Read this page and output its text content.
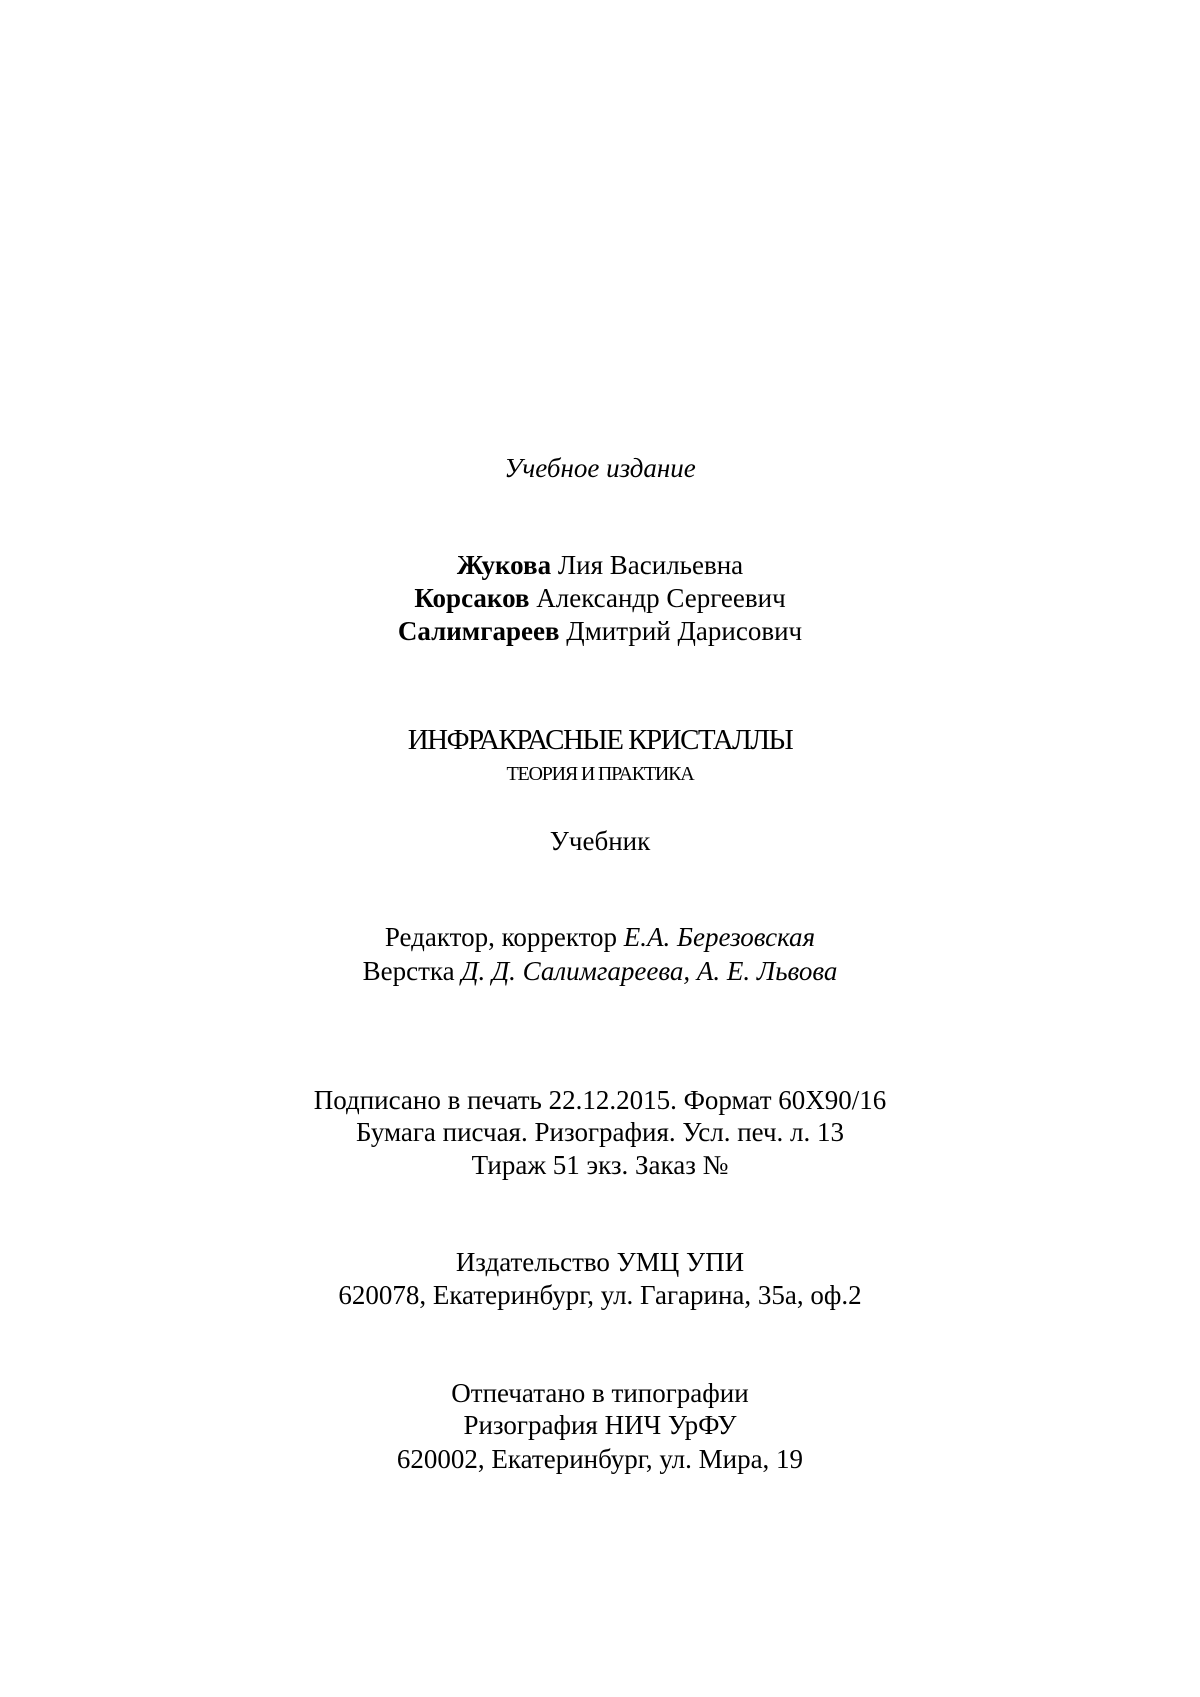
Учебное издание
Жукова Лия Васильевна
Корсаков Александр Сергеевич
Салимгареев Дмитрий Дарисович
ИНФРАКРАСНЫЕ КРИСТАЛЛЫ
ТЕОРИЯ И ПРАКТИКА
Учебник
Редактор, корректор Е.А. Березовская
Верстка Д. Д. Салимгареева, А. Е. Львова
Подписано в печать 22.12.2015. Формат 60Х90/16
Бумага писчая. Ризография. Усл. печ. л. 13
Тираж 51 экз. Заказ №
Издательство УМЦ УПИ
620078, Екатеринбург, ул. Гагарина, 35а, оф.2
Отпечатано в типографии
Ризография НИЧ УрФУ
620002, Екатеринбург, ул. Мира, 19
